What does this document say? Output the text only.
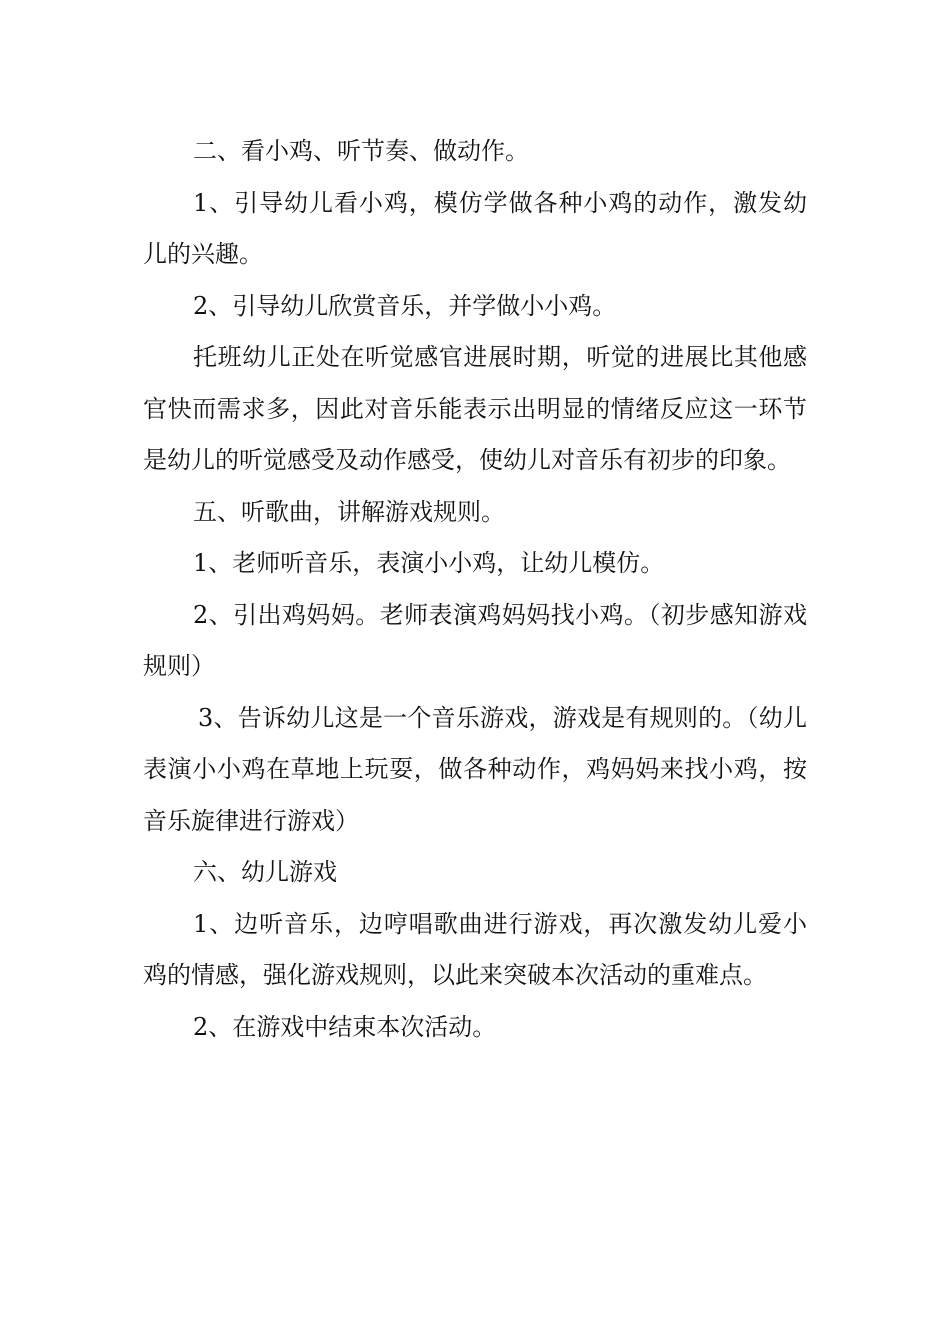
二、看小鸡、听节奏、做动作。

1、引导幼儿看小鸡，模仿学做各种小鸡的动作，激发幼儿的兴趣。

2、引导幼儿欣赏音乐，并学做小小鸡。

托班幼儿正处在听觉感官进展时期，听觉的进展比其他感官快而需求多，因此对音乐能表示出明显的情绪反应这一环节是幼儿的听觉感受及动作感受，使幼儿对音乐有初步的印象。

五、听歌曲，讲解游戏规则。

1、老师听音乐，表演小小鸡，让幼儿模仿。

2、引出鸡妈妈。老师表演鸡妈妈找小鸡。（初步感知游戏规则）

3、告诉幼儿这是一个音乐游戏，游戏是有规则的。（幼儿表演小小鸡在草地上玩耍，做各种动作，鸡妈妈来找小鸡，按音乐旋律进行游戏）

六、幼儿游戏

1、边听音乐，边哼唱歌曲进行游戏，再次激发幼儿爱小鸡的情感，强化游戏规则，以此来突破本次活动的重难点。

2、在游戏中结束本次活动。
